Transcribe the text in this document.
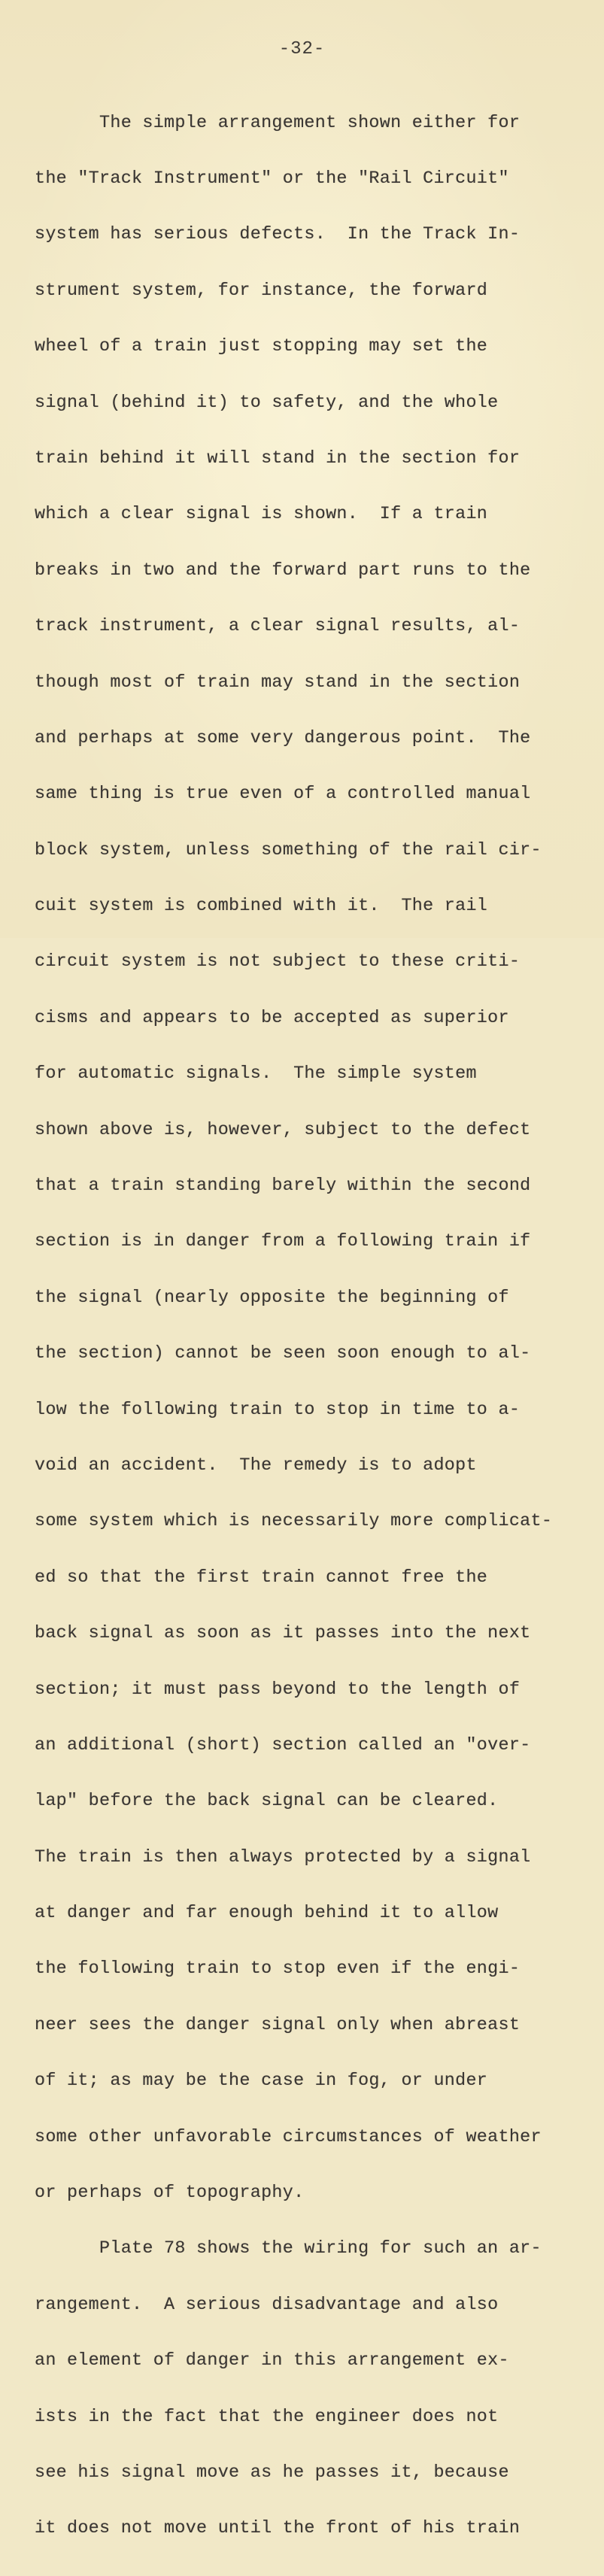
-32-

The simple arrangement shown either for

the "Track Instrument" or the "Rail Circuit"

system has serious defects.  In the Track In-

strument system, for instance, the forward

wheel of a train just stopping may set the

signal (behind it) to safety, and the whole

train behind it will stand in the section for

which a clear signal is shown.  If a train

breaks in two and the forward part runs to the

track instrument, a clear signal results, al-

though most of train may stand in the section

and perhaps at some very dangerous point.  The

same thing is true even of a controlled manual

block system, unless something of the rail cir-

cuit system is combined with it.  The rail

circuit system is not subject to these criti-

cisms and appears to be accepted as superior

for automatic signals.  The simple system

shown above is, however, subject to the defect

that a train standing barely within the second

section is in danger from a following train if

the signal (nearly opposite the beginning of

the section) cannot be seen soon enough to al-

low the following train to stop in time to a-

void an accident.  The remedy is to adopt

some system which is necessarily more complicat-

ed so that the first train cannot free the

back signal as soon as it passes into the next

section; it must pass beyond to the length of

an additional (short) section called an "over-

lap" before the back signal can be cleared.

The train is then always protected by a signal

at danger and far enough behind it to allow

the following train to stop even if the engi-

neer sees the danger signal only when abreast

of it; as may be the case in fog, or under

some other unfavorable circumstances of weather

or perhaps of topography.

Plate 78 shows the wiring for such an ar-

rangement.  A serious disadvantage and also

an element of danger in this arrangement ex-

ists in the fact that the engineer does not

see his signal move as he passes it, because

it does not move until the front of his train
